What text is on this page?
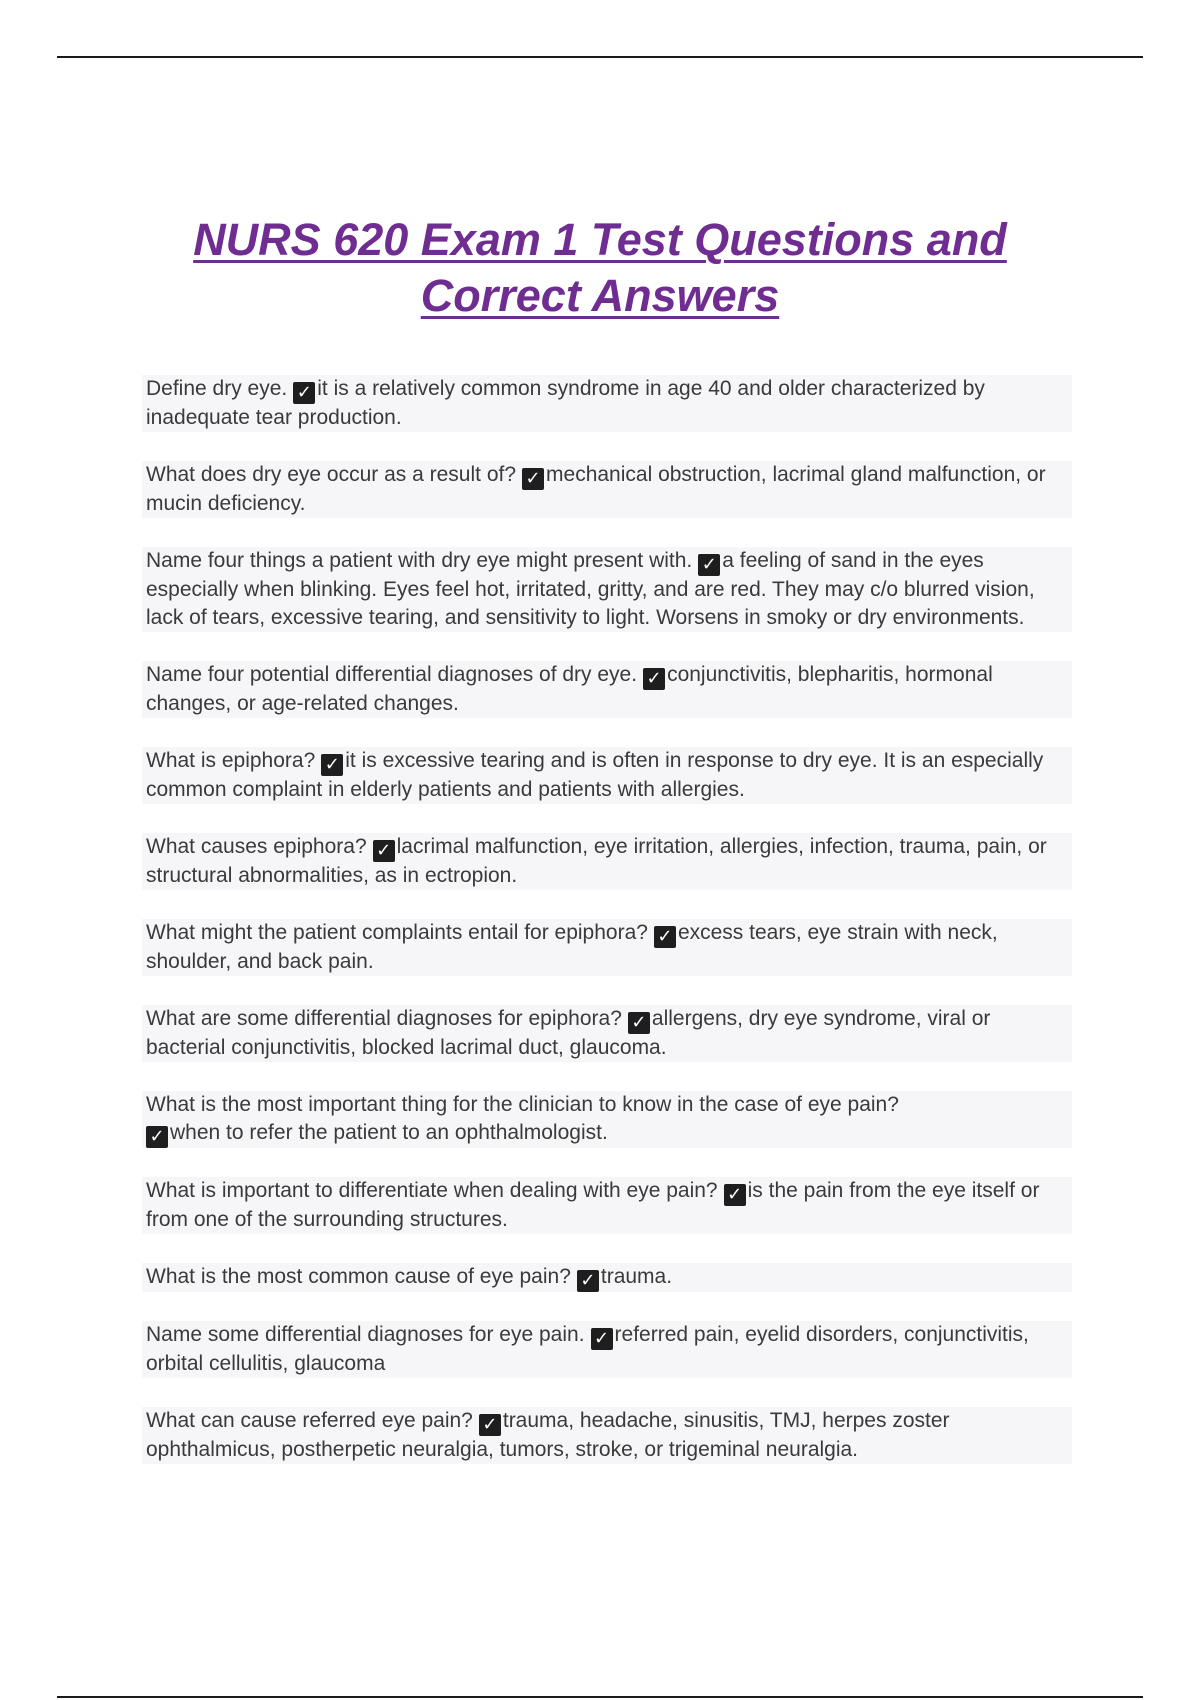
NURS 620 Exam 1 Test Questions and Correct Answers

Define dry eye. ✓ it is a relatively common syndrome in age 40 and older characterized by inadequate tear production.

What does dry eye occur as a result of? ✓ mechanical obstruction, lacrimal gland malfunction, or mucin deficiency.

Name four things a patient with dry eye might present with. ✓ a feeling of sand in the eyes especially when blinking. Eyes feel hot, irritated, gritty, and are red. They may c/o blurred vision, lack of tears, excessive tearing, and sensitivity to light. Worsens in smoky or dry environments.

Name four potential differential diagnoses of dry eye. ✓ conjunctivitis, blepharitis, hormonal changes, or age-related changes.

What is epiphora? ✓ it is excessive tearing and is often in response to dry eye. It is an especially common complaint in elderly patients and patients with allergies.

What causes epiphora? ✓ lacrimal malfunction, eye irritation, allergies, infection, trauma, pain, or structural abnormalities, as in ectropion.

What might the patient complaints entail for epiphora? ✓ excess tears, eye strain with neck, shoulder, and back pain.

What are some differential diagnoses for epiphora? ✓ allergens, dry eye syndrome, viral or bacterial conjunctivitis, blocked lacrimal duct, glaucoma.

What is the most important thing for the clinician to know in the case of eye pain?
✓ when to refer the patient to an ophthalmologist.

What is important to differentiate when dealing with eye pain? ✓ is the pain from the eye itself or from one of the surrounding structures.

What is the most common cause of eye pain? ✓ trauma.

Name some differential diagnoses for eye pain. ✓ referred pain, eyelid disorders, conjunctivitis, orbital cellulitis, glaucoma

What can cause referred eye pain? ✓ trauma, headache, sinusitis, TMJ, herpes zoster ophthalmicus, postherpetic neuralgia, tumors, stroke, or trigeminal neuralgia.
